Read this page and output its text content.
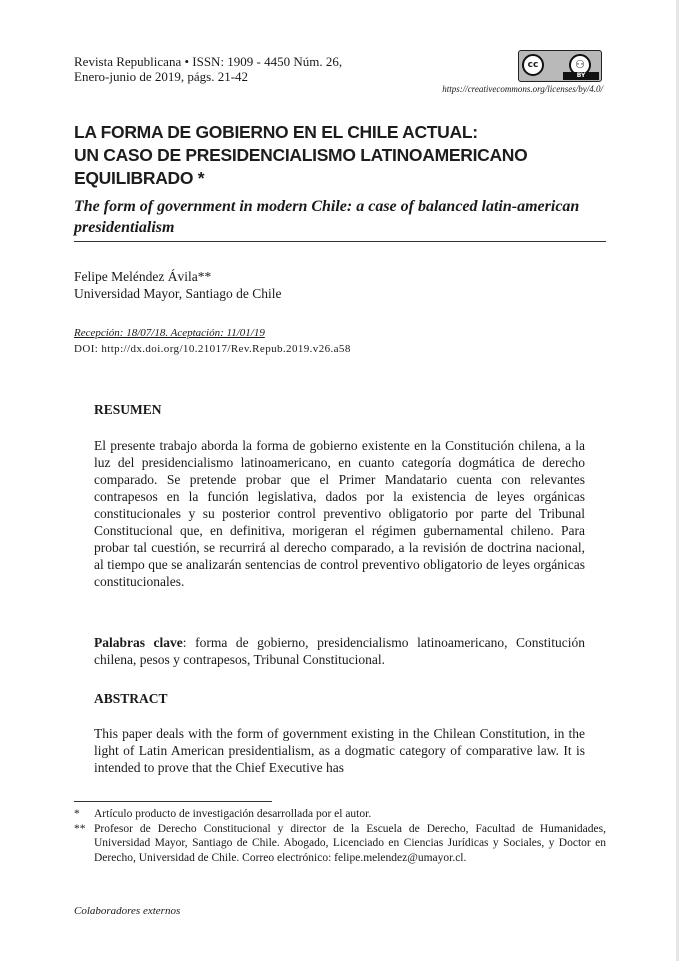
Revista Republicana • ISSN: 1909 - 4450 Núm. 26,
Enero-junio de 2019, págs. 21-42
cc	⚇
BY
https://creativecommons.org/licenses/by/4.0/
LA FORMA DE GOBIERNO EN EL CHILE ACTUAL:
UN CASO DE PRESIDENCIALISMO LATINOAMERICANO
EQUILIBRADO *
The form of government in modern Chile: a case of balanced latin-american presidentialism
Felipe Meléndez Ávila**
Universidad Mayor, Santiago de Chile
Recepción: 18/07/18. Aceptación: 11/01/19
DOI: http://dx.doi.org/10.21017/Rev.Repub.2019.v26.a58
RESUMEN

El presente trabajo aborda la forma de gobierno existente en la Constitución chilena, a la luz del presidencialismo latinoamericano, en cuanto categoría dogmática de derecho comparado. Se pretende probar que el Primer Mandatario cuenta con relevantes contrapesos en la función legislativa, dados por la existencia de leyes orgánicas constitucionales y su posterior control preventivo obligatorio por parte del Tribunal Constitucional que, en definitiva, morigeran el régimen gubernamental chileno. Para probar tal cuestión, se recurrirá al derecho comparado, a la revisión de doctrina nacional, al tiempo que se analizarán sentencias de control preventivo obligatorio de leyes orgánicas constitucionales.

Palabras clave: forma de gobierno, presidencialismo latinoamericano, Constitución chilena, pesos y contrapesos, Tribunal Constitucional.

ABSTRACT

This paper deals with the form of government existing in the Chilean Constitution, in the light of Latin American presidentialism, as a dogmatic category of comparative law. It is intended to prove that the Chief Executive has

*	Artículo producto de investigación desarrollada por el autor.
** Profesor de Derecho Constitucional y director de la Escuela de Derecho, Facultad de Humanidades, Universidad Mayor, Santiago de Chile. Abogado, Licenciado en Ciencias Jurídicas y Sociales, y Doctor en Derecho, Universidad de Chile. Correo electrónico: felipe.melendez@umayor.cl.
Colaboradores externos
